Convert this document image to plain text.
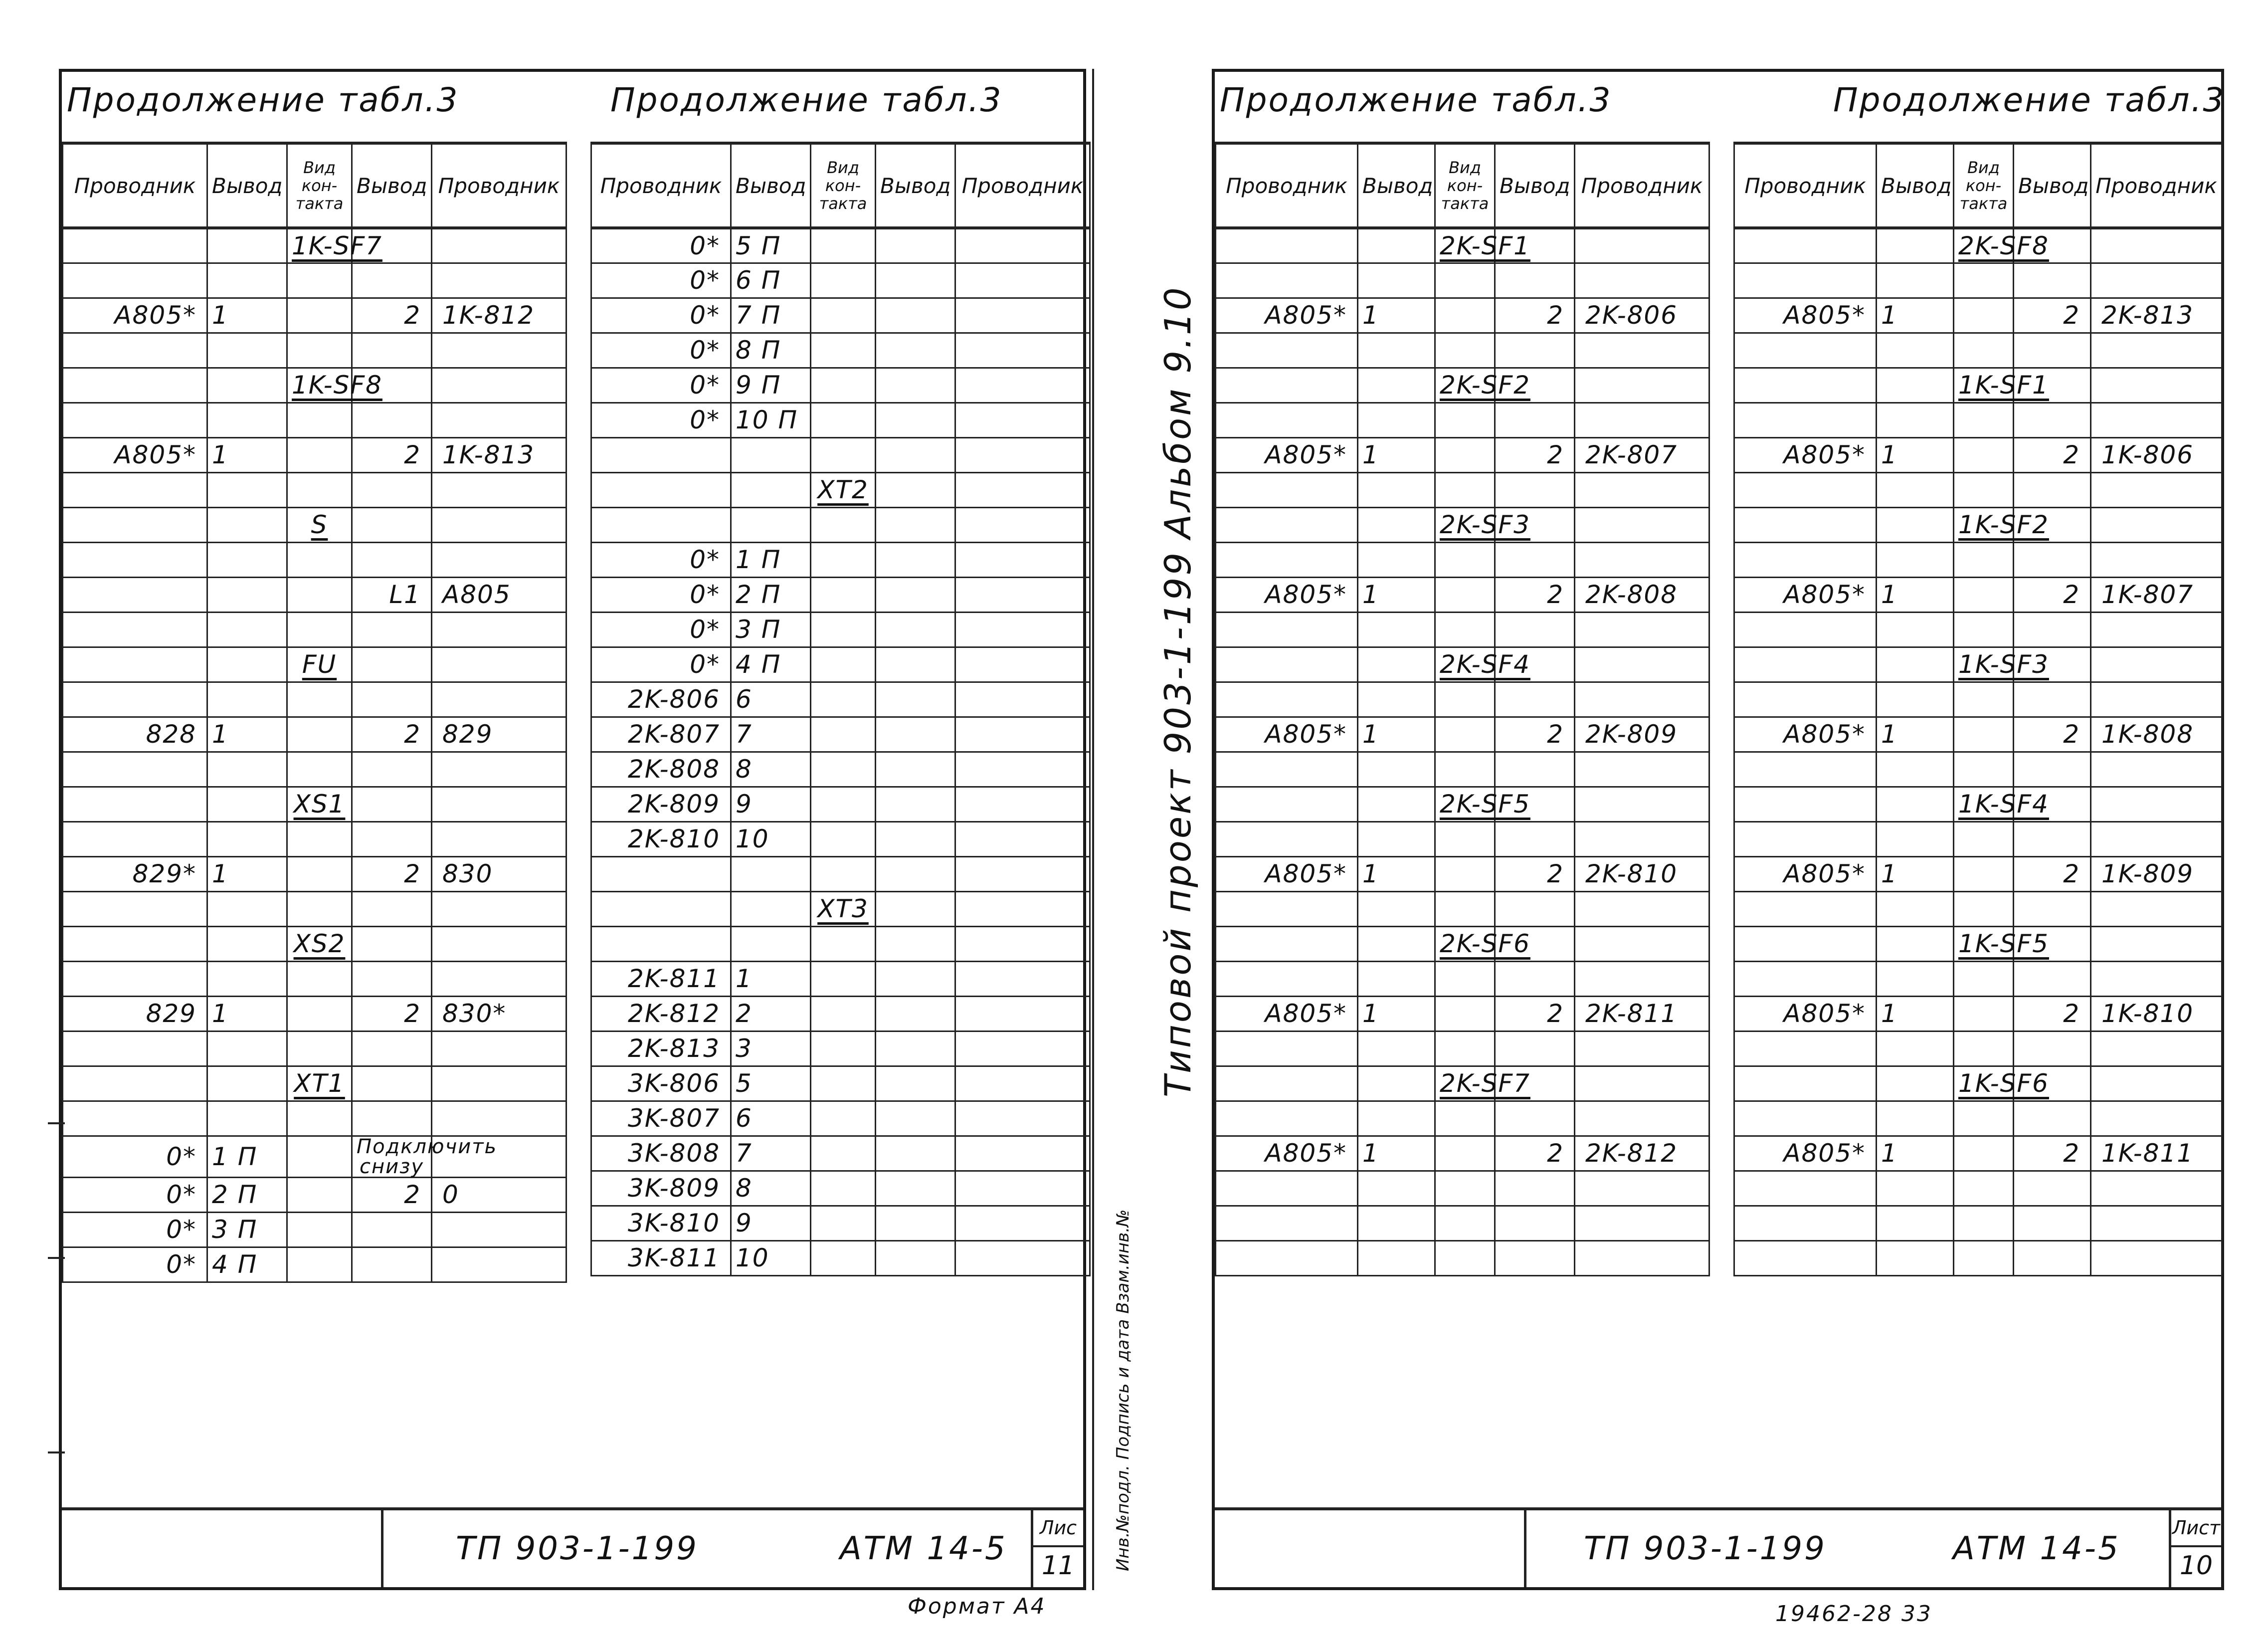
Продолжение табл.3	Продолжение табл.3
Проводник	Вывод	Вид кон-такта	Вывод	Проводник
		1K-SF7		

A805*	1		2	1K-812

		1K-SF8		

A805*	1		2	1K-813

		S		

			L1	A805

		FU		

828	1		2	829

		XS1		

829*	1		2	830

		XS2		

829	1		2	830*

		XT1		

0*	1 П		Подключить снизу	
0*	2 П		2	0
0*	3 П			
0*	4 П			
Проводник	Вывод	Вид кон-такта	Вывод	Проводник
0*	5 П			
0*	6 П			
0*	7 П			
0*	8 П			
0*	9 П			
0*	10 П			

		XT2		

0*	1 П			
0*	2 П			
0*	3 П			
0*	4 П			
2K-806	6			
2K-807	7			
2K-808	8			
2K-809	9			
2K-810	10			

		XT3		

2K-811	1			
2K-812	2			
2K-813	3			
3K-806	5			
3K-807	6			
3K-808	7			
3K-809	8			
3K-810	9			
3K-811	10			
ТП 903-1-199	АТМ 14-5
Лис
11
Альбом 9.10
Типовой проект 903-1-199
Инв.№подл. Подпись и дата Взам.инв.№
Продолжение табл.3	Продолжение табл.3
Проводник	Вывод	Вид кон-такта	Вывод	Проводник
		2K-SF1		

A805*	1		2	2K-806

		2K-SF2		

A805*	1		2	2K-807

		2K-SF3		

A805*	1		2	2K-808

		2K-SF4		

A805*	1		2	2K-809

		2K-SF5		

A805*	1		2	2K-810

		2K-SF6		

A805*	1		2	2K-811

		2K-SF7		

A805*	1		2	2K-812

Проводник	Вывод	Вид кон-такта	Вывод	Проводник
		2K-SF8		

A805*	1		2	2K-813

		1K-SF1		

A805*	1		2	1K-806

		1K-SF2		

A805*	1		2	1K-807

		1K-SF3		

A805*	1		2	1K-808

		1K-SF4		

A805*	1		2	1K-809

		1K-SF5		

A805*	1		2	1K-810

		1K-SF6		

A805*	1		2	1K-811

ТП 903-1-199	АТМ 14-5
Лист
10
Формат А4	19462-28 33
